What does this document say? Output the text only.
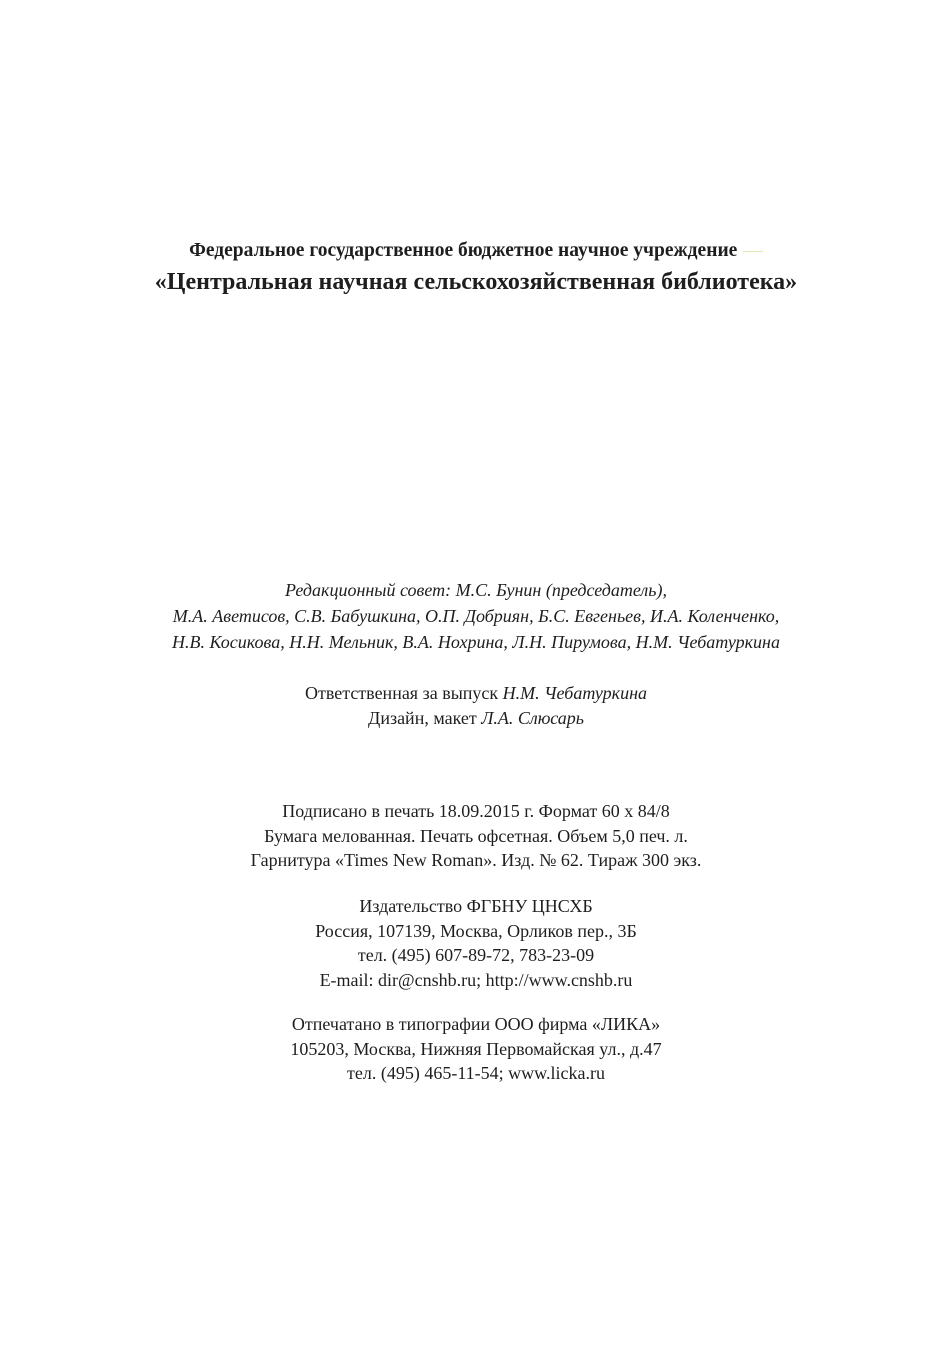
Федеральное государственное бюджетное научное учреждение —

«Центральная научная сельскохозяйственная библиотека»

Редакционный совет: М.С. Бунин (председатель),

М.А. Аветисов, С.В. Бабушкина, О.П. Добриян, Б.С. Евгеньев, И.А. Коленченко,

Н.В. Косикова, Н.Н. Мельник, В.А. Нохрина, Л.Н. Пирумова, Н.М. Чебатуркина

Ответственная за выпуск Н.М. Чебатуркина

Дизайн, макет Л.А. Слюсарь

Подписано в печать 18.09.2015 г. Формат 60 х 84/8

Бумага мелованная. Печать офсетная. Объем 5,0 печ. л.

Гарнитура «Times New Roman». Изд. № 62. Тираж 300 экз.

Издательство ФГБНУ ЦНСХБ

Россия, 107139, Москва, Орликов пер., 3Б

тел. (495) 607-89-72, 783-23-09

E-mail: dir@cnshb.ru; http://www.cnshb.ru

Отпечатано в типографии ООО фирма «ЛИКА»

105203, Москва, Нижняя Первомайская ул., д.47

тел. (495) 465-11-54; www.licka.ru
